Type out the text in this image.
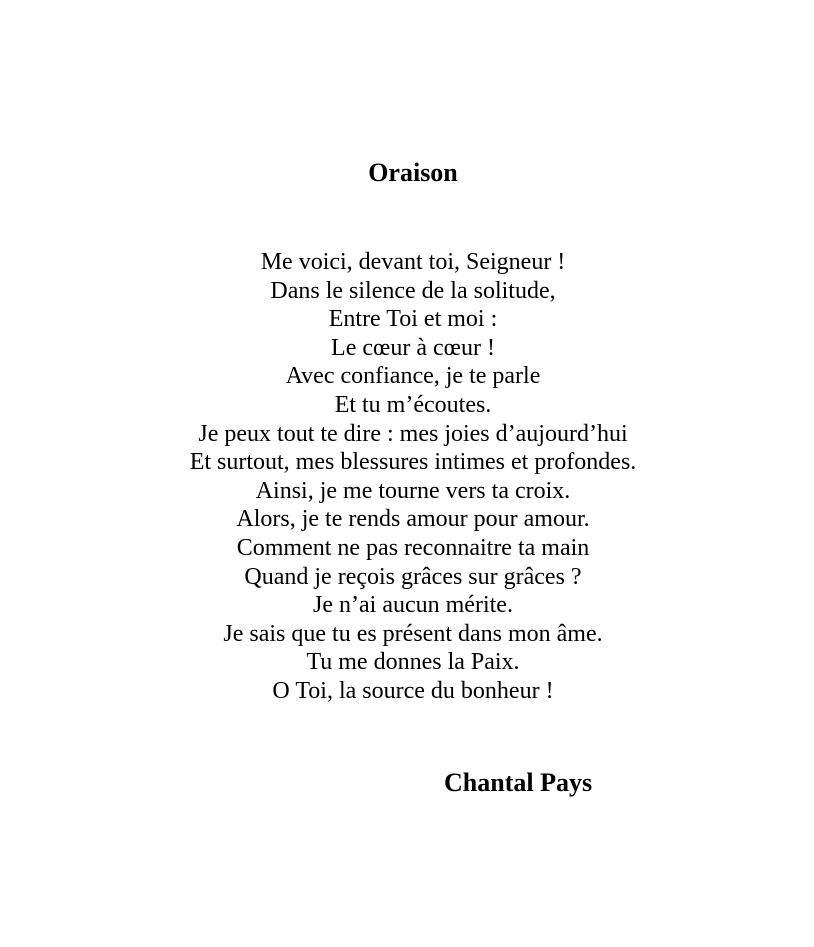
Oraison
Me voici, devant toi, Seigneur !
Dans le silence de la solitude,
Entre Toi et moi :
Le cœur à cœur !
Avec confiance, je te parle
Et tu m’écoutes.
Je peux tout te dire : mes joies d’aujourd’hui
Et surtout, mes blessures intimes et profondes.
Ainsi, je me tourne vers ta croix.
Alors, je te rends amour pour amour.
Comment ne pas reconnaitre ta main
Quand je reçois grâces sur grâces ?
Je n’ai aucun mérite.
Je sais que tu es présent dans mon âme.
Tu me donnes la Paix.
O Toi, la source du bonheur !

Chantal Pays
